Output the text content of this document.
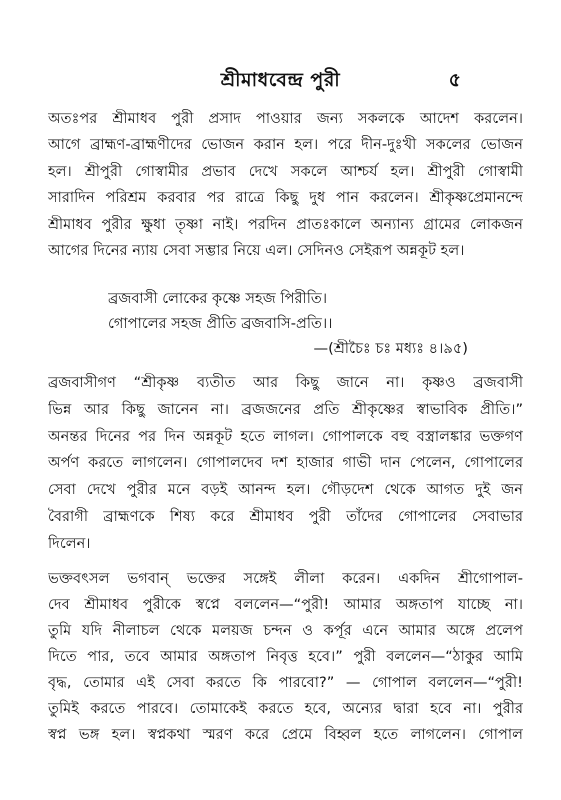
শ্রীমাধবেন্দ্র পুরী	৫
অতঃপর শ্রীমাধব পুরী প্রসাদ পাওয়ার জন্য সকলকে আদেশ করলেন।
আগে ব্রাহ্মণ-ব্রাহ্মণীদের ভোজন করান হল। পরে দীন-দুঃখী সকলের ভোজন
হল। শ্রীপুরী গোস্বামীর প্রভাব দেখে সকলে আশ্চর্য হল। শ্রীপুরী গোস্বামী
সারাদিন পরিশ্রম করবার পর রাত্রে কিছু দুধ পান করলেন। শ্রীকৃষ্ণপ্রেমানন্দে
শ্রীমাধব পুরীর ক্ষুধা তৃষ্ণা নাই। পরদিন প্রাতঃকালে অন্যান্য গ্রামের লোকজন
আগের দিনের ন্যায় সেবা সম্ভার নিয়ে এল। সেদিনও সেইরূপ অন্নকূট হল।
ব্রজবাসী লোকের কৃষ্ণে সহজ পিরীতি।
গোপালের সহজ প্রীতি ব্রজবাসি-প্রতি।।
—(শ্রীচৈঃ চঃ মধ্যঃ ৪।৯৫)
ব্রজবাসীগণ “শ্রীকৃষ্ণ ব্যতীত আর কিছু জানে না। কৃষ্ণও ব্রজবাসী
ভিন্ন আর কিছু জানেন না। ব্রজজনের প্রতি শ্রীকৃষ্ণের স্বাভাবিক প্রীতি।”
অনন্তর দিনের পর দিন অন্নকূট হতে লাগল। গোপালকে বহু বস্ত্রালঙ্কার ভক্তগণ
অর্পণ করতে লাগলেন। গোপালদেব দশ হাজার গাভী দান পেলেন, গোপালের
সেবা দেখে পুরীর মনে বড়ই আনন্দ হল। গৌড়দেশ থেকে আগত দুই জন
বৈরাগী ব্রাহ্মণকে শিষ্য করে শ্রীমাধব পুরী তাঁদের গোপালের সেবাভার
দিলেন।
ভক্তবৎসল ভগবান্ ভক্তের সঙ্গেই লীলা করেন। একদিন শ্রীগোপাল-
দেব শ্রীমাধব পুরীকে স্বপ্নে বললেন—“পুরী! আমার অঙ্গতাপ যাচ্ছে না।
তুমি যদি নীলাচল থেকে মলয়জ চন্দন ও কর্পূর এনে আমার অঙ্গে প্রলেপ
দিতে পার, তবে আমার অঙ্গতাপ নিবৃত্ত হবে।” পুরী বললেন—“ঠাকুর আমি
বৃদ্ধ, তোমার এই সেবা করতে কি পারবো?” — গোপাল বললেন—“পুরী!
তুমিই করতে পারবে। তোমাকেই করতে হবে, অন্যের দ্বারা হবে না। পুরীর
স্বপ্ন ভঙ্গ হল। স্বপ্নকথা স্মরণ করে প্রেমে বিহ্বল হতে লাগলেন। গোপাল
